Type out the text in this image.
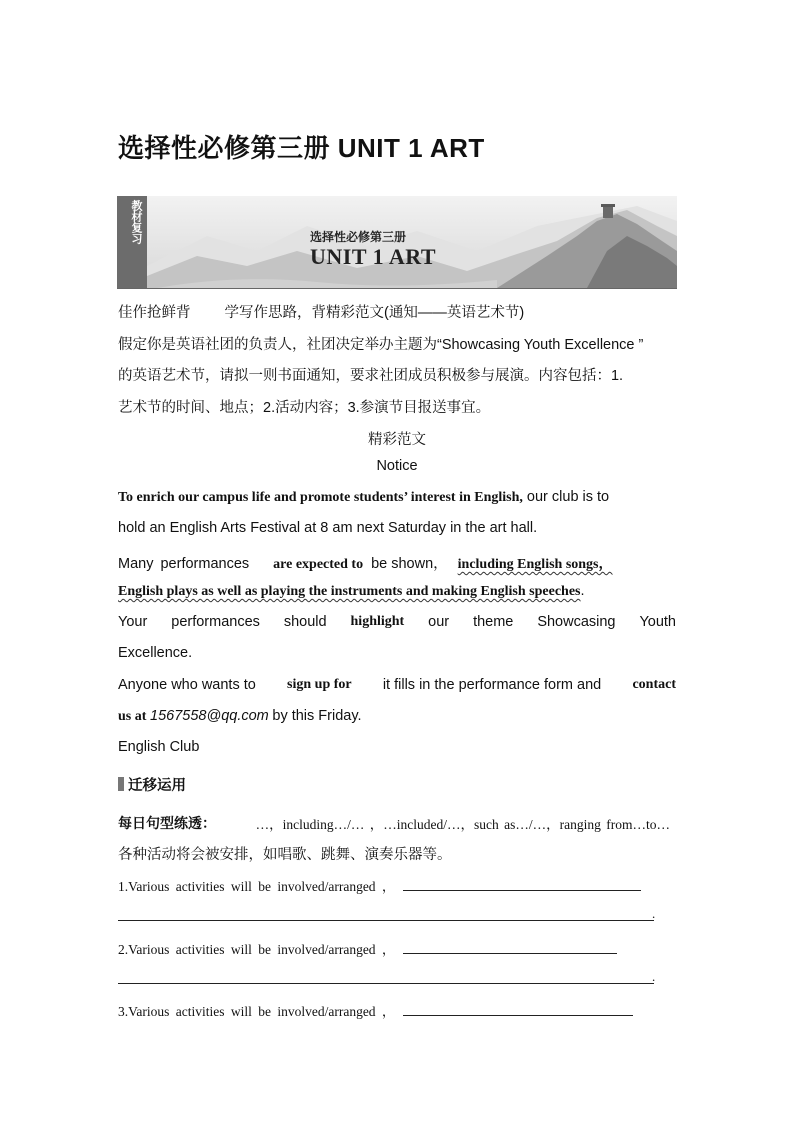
选择性必修第三册 UNIT 1 ART
教材复习	选择性必修第三册
UNIT 1 ART
佳作抢鲜背 学写作思路，背精彩范文(通知——英语艺术节)
假定你是英语社团的负责人，社团决定举办主题为“Showcasing Youth Excellence ”
的英语艺术节，请拟一则书面通知，要求社团成员积极参与展演。内容包括：1.
艺术节的时间、地点；2.活动内容；3.参演节目报送事宜。
精彩范文
Notice
To enrich our campus life and promote students’ interest in English, our club is to
hold an English Arts Festival at 8 am next Saturday in the art hall.
Many performances are expected to be shown， including English songs，
English plays as well as playing the instruments and making English speeches.
Your performances should highlight our theme Showcasing Youth
Excellence.
Anyone who wants to sign up for it fills in the performance form and contact
us at 1567558@qq.com by this Friday.
English Club
迁移运用
每日句型练透：	…，including…/… ，…included/…，such as…/…，ranging from…to…
各种活动将会被安排，如唱歌、跳舞、演奏乐器等。
1.Various activities will be involved/arranged ，
.
2.Various activities will be involved/arranged ，
.
3.Various activities will be involved/arranged ，
